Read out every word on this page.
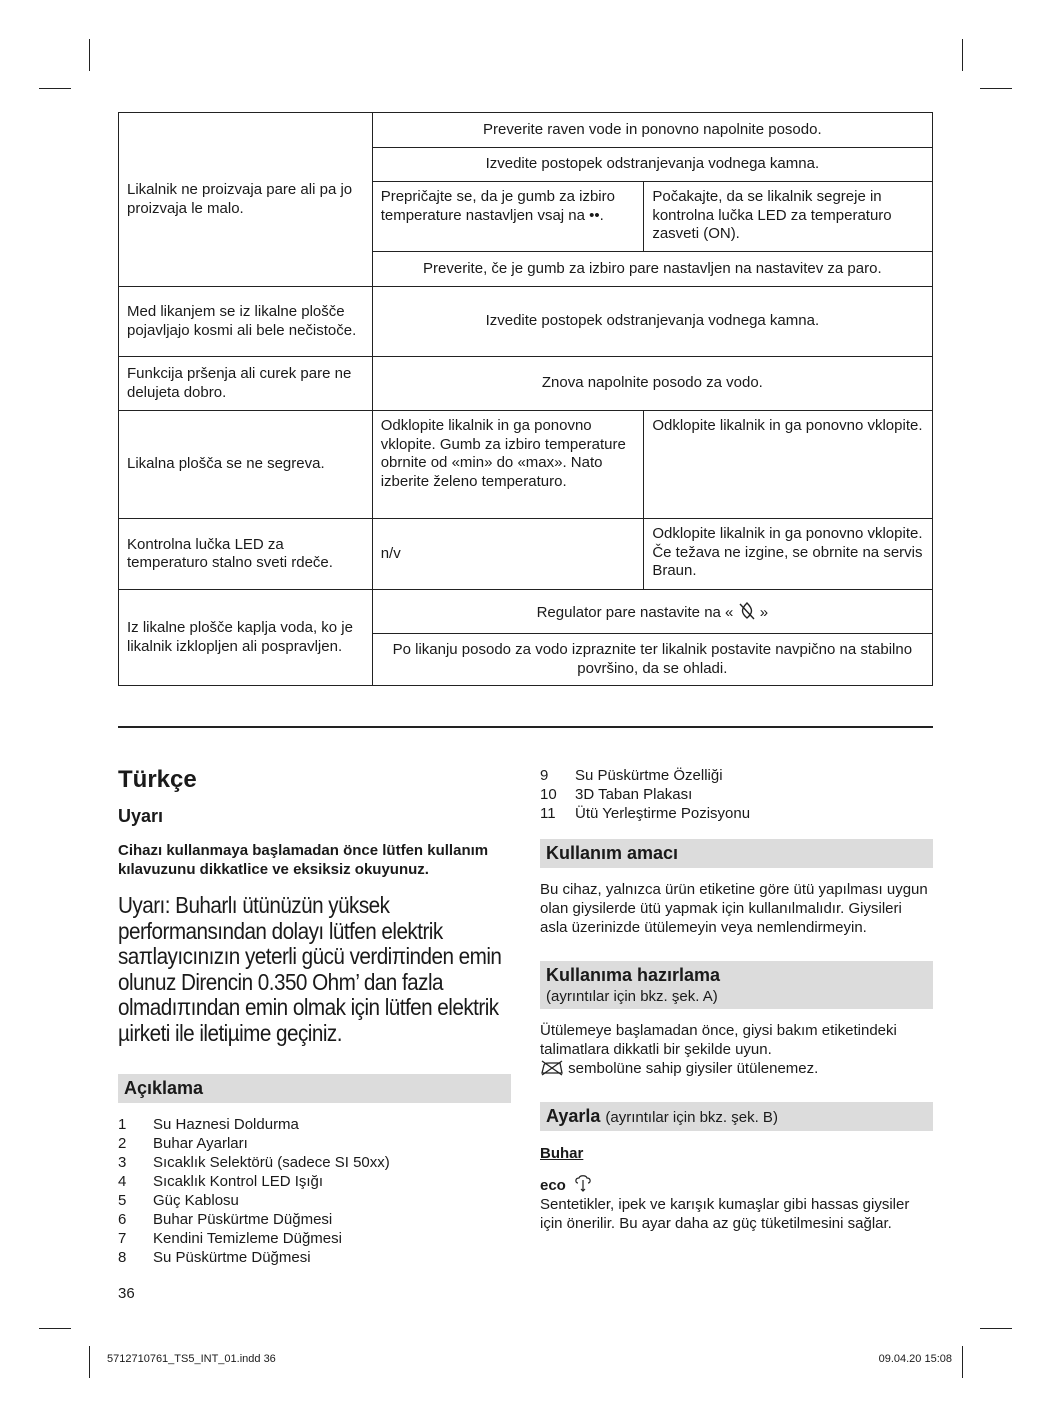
Likalnik ne proizvaja pare ali pa jo proizvaja le malo.	Preverite raven vode in ponovno napolnite posodo.	
	Izvedite postopek odstranjevanja vodnega kamna.	
	Prepričajte se, da je gumb za izbiro temperature nastavljen vsaj na ••.	Počakajte, da se likalnik segreje in kontrolna lučka LED za temperaturo zasveti (ON).
	Preverite, če je gumb za izbiro pare nastavljen na nastavitev za paro.	
Med likanjem se iz likalne plošče pojavljajo kosmi ali bele nečistoče.	Izvedite postopek odstranjevanja vodnega kamna.	
Funkcija pršenja ali curek pare ne delujeta dobro.	Znova napolnite posodo za vodo.	
Likalna plošča se ne segreva.	Odklopite likalnik in ga ponovno vklopite. Gumb za izbiro temperature obrnite od «min» do «max». Nato izberite želeno temperaturo.	Odklopite likalnik in ga ponovno vklopite.
Kontrolna lučka LED za temperaturo stalno sveti rdeče.	n/v	Odklopite likalnik in ga ponovno vklopite. Če težava ne izgine, se obrnite na servis Braun.
Iz likalne plošče kaplja voda, ko je likalnik izklopljen ali pospravljen.	Regulator pare nastavite na « »	
	Po likanju posodo za vodo izpraznite ter likalnik postavite navpično na stabilno površino, da se ohladi.	
Türkçe
Uyarı

Cihazı kullanmaya başlamadan önce lütfen kullanım kılavuzunu dikkatlice ve eksiksiz okuyunuz.

Uyarı: Buharlı ütünüzün yüksek performansından dolayı lütfen elektrik saπlayıcınızın yeterli gücü verdiπinden emin olunuz Direncin 0.350 Ohm’ dan fazla olmadıπından emin olmak için lütfen elektrik µirketi ile iletiµime geçiniz.

Açıklama
1	Su Haznesi Doldurma
2	Buhar Ayarları
3	Sıcaklık Selektörü (sadece SI 50xx)
4	Sıcaklık Kontrol LED Işığı
5	Güç Kablosu
6	Buhar Püskürtme Düğmesi
7	Kendini Temizleme Düğmesi
8	Su Püskürtme Düğmesi
9	Su Püskürtme Özelliği
10	3D Taban Plakası
11	Ütü Yerleştirme Pozisyonu
Kullanım amacı

Bu cihaz, yalnızca ürün etiketine göre ütü yapılması uygun olan giysilerde ütü yapmak için kullanılmalıdır. Giysileri asla üzerinizde ütülemeyin veya nemlendirmeyin.

Kullanıma hazırlama
(ayrıntılar için bkz. şek. A)

Ütülemeye başlamadan önce, giysi bakım etiketindeki talimatlara dikkatli bir şekilde uyun.
sembolüne sahip giysiler ütülenemez.

Ayarla (ayrıntılar için bkz. şek. B)
Buhar
eco

Sentetikler, ipek ve karışık kumaşlar gibi hassas giysiler için önerilir. Bu ayar daha az güç tüketilmesini sağlar.

36
5712710761_TS5_INT_01.indd 36	09.04.20 15:08
